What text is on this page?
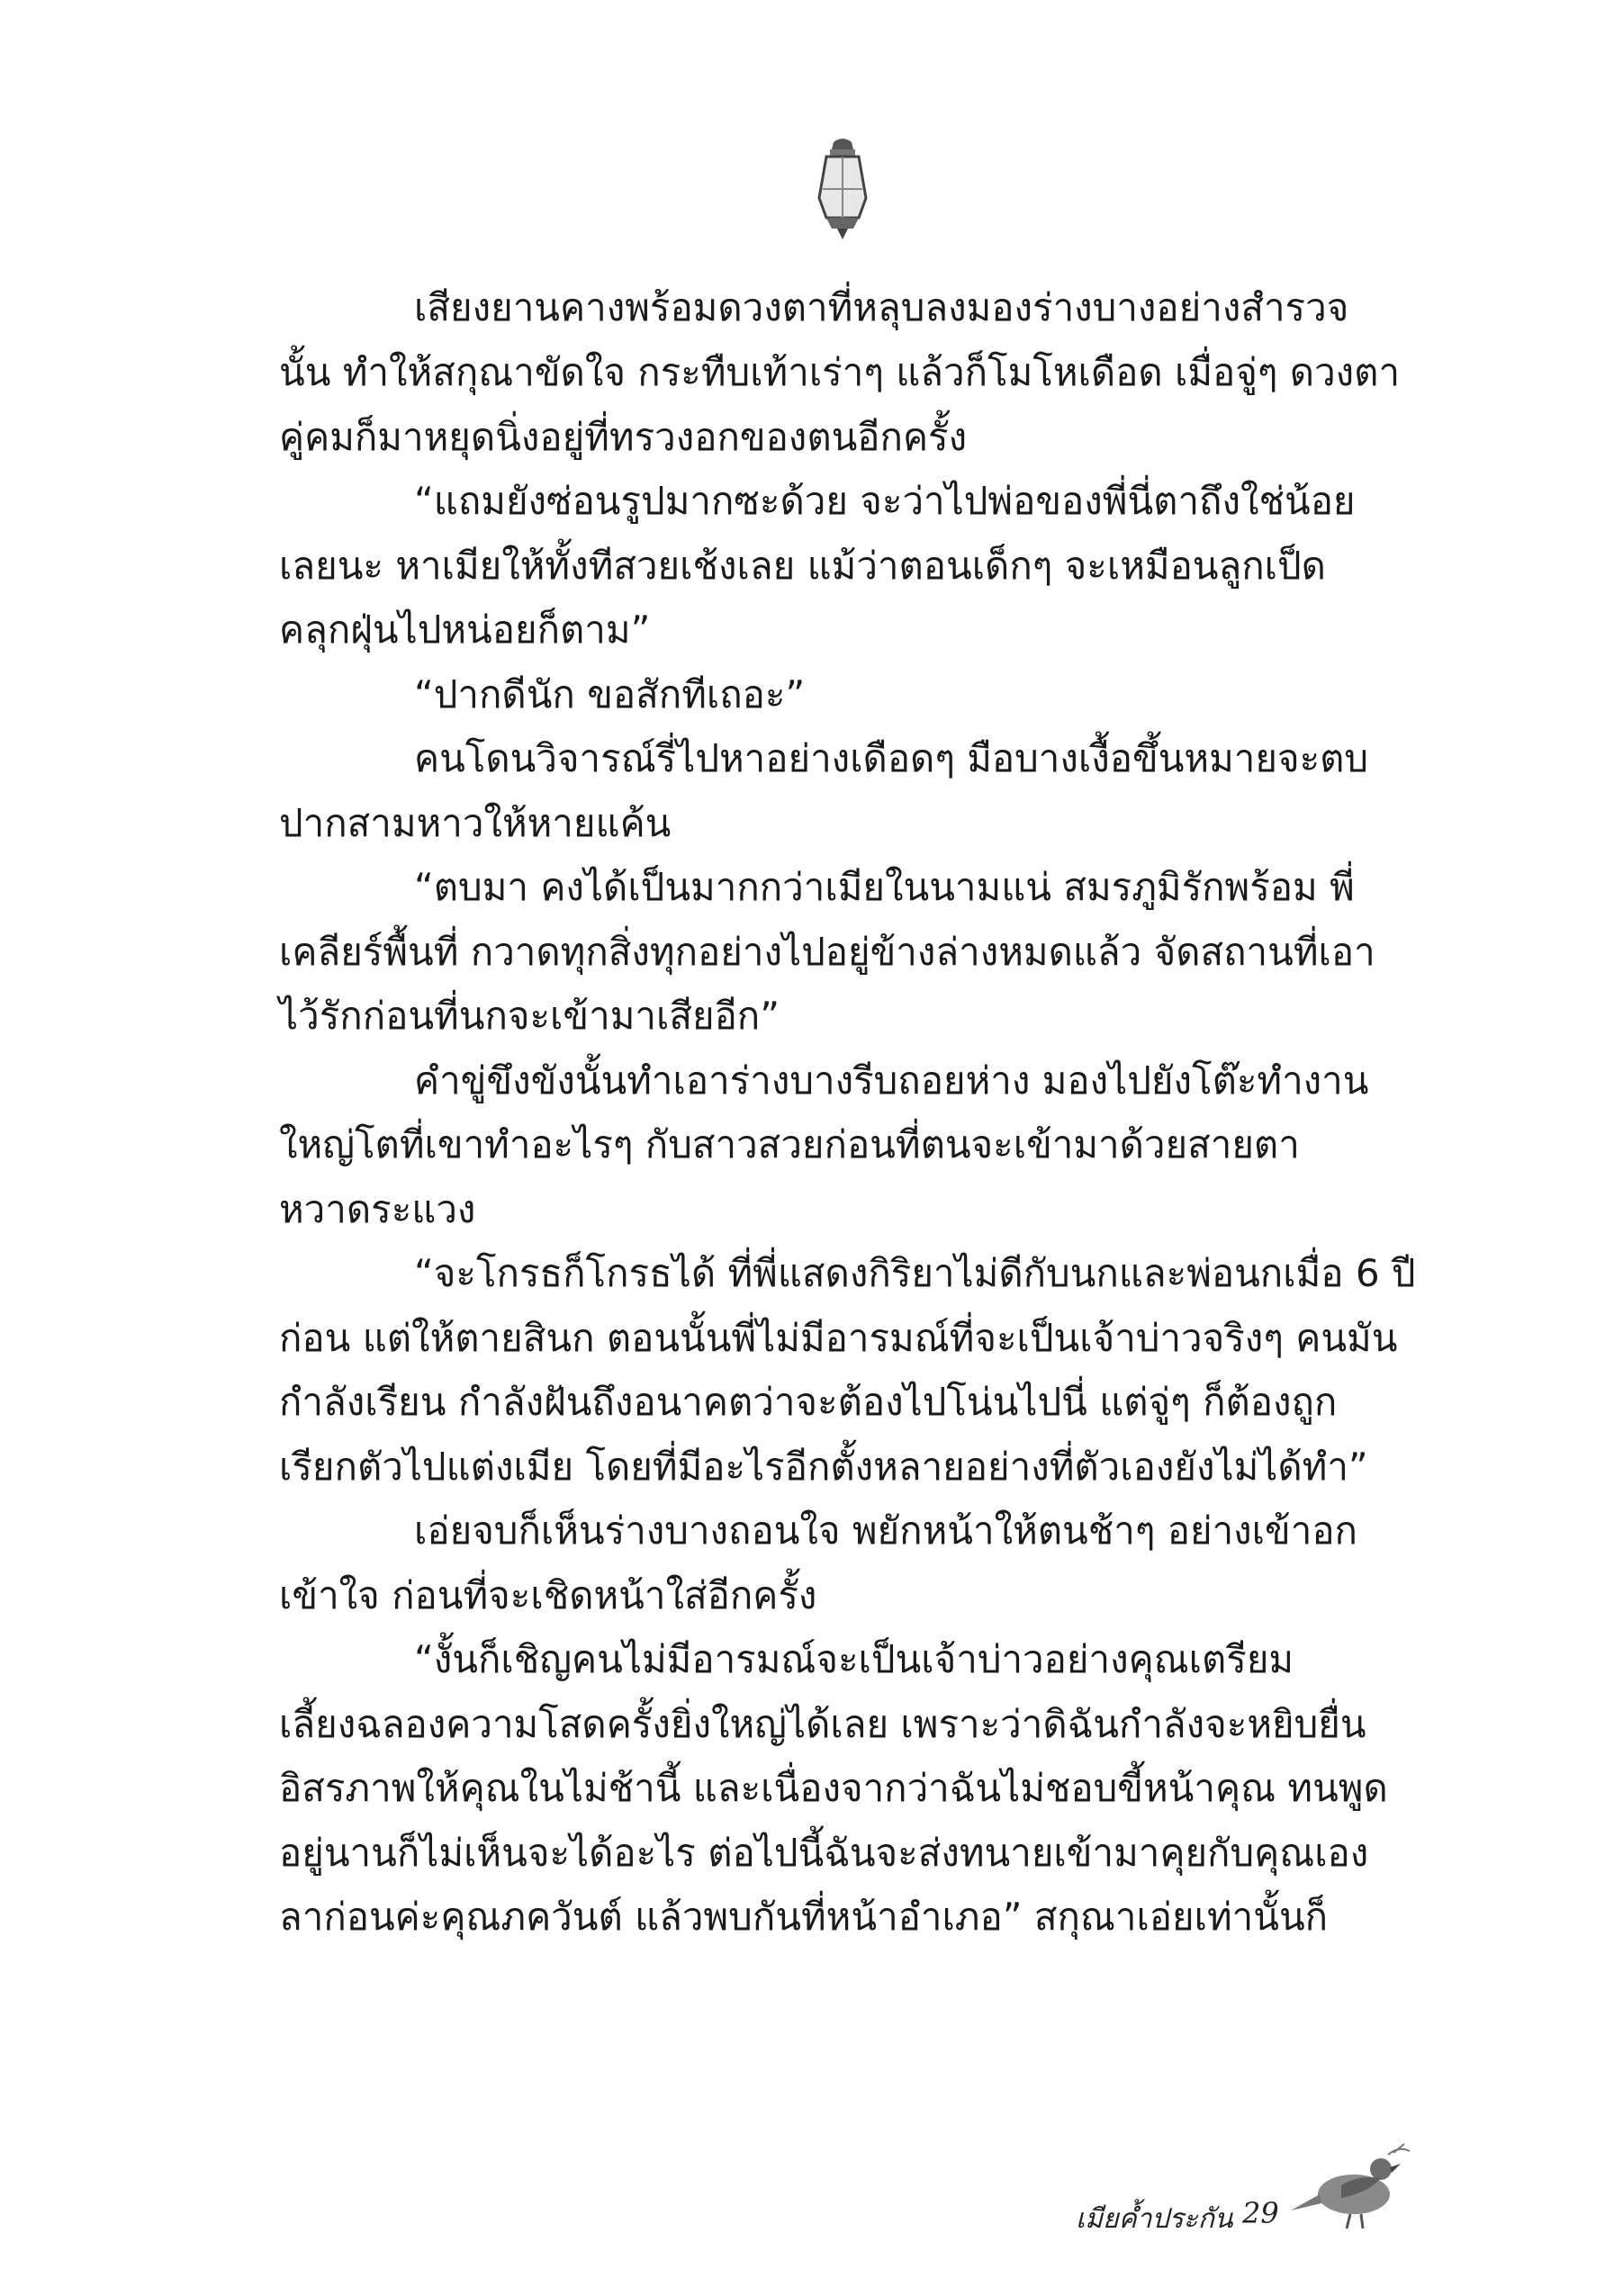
เสียงยานคางพร้อมดวงตาที่หลุบลงมองร่างบางอย่างสำรวจ
นั้น ทำให้สกุณาขัดใจ กระทืบเท้าเร่าๆ แล้วก็โมโหเดือด เมื่อจู่ๆ ดวงตา
คู่คมก็มาหยุดนิ่งอยู่ที่ทรวงอกของตนอีกครั้ง
“แถมยังซ่อนรูปมากซะด้วย จะว่าไปพ่อของพี่นี่ตาถึงใช่น้อย
เลยนะ หาเมียให้ทั้งทีสวยเช้งเลย แม้ว่าตอนเด็กๆ จะเหมือนลูกเป็ด
คลุกฝุ่นไปหน่อยก็ตาม”
“ปากดีนัก ขอสักทีเถอะ”
คนโดนวิจารณ์รี่ไปหาอย่างเดือดๆ มือบางเงื้อขึ้นหมายจะตบ
ปากสามหาวให้หายแค้น
“ตบมา คงได้เป็นมากกว่าเมียในนามแน่ สมรภูมิรักพร้อม พี่
เคลียร์พื้นที่ กวาดทุกสิ่งทุกอย่างไปอยู่ข้างล่างหมดแล้ว จัดสถานที่เอา
ไว้รักก่อนที่นกจะเข้ามาเสียอีก”
คำขู่ขึงขังนั้นทำเอาร่างบางรีบถอยห่าง มองไปยังโต๊ะทำงาน
ใหญ่โตที่เขาทำอะไรๆ กับสาวสวยก่อนที่ตนจะเข้ามาด้วยสายตา
หวาดระแวง
“จะโกรธก็โกรธได้ ที่พี่แสดงกิริยาไม่ดีกับนกและพ่อนกเมื่อ 6 ปี
ก่อน แต่ให้ตายสินก ตอนนั้นพี่ไม่มีอารมณ์ที่จะเป็นเจ้าบ่าวจริงๆ คนมัน
กำลังเรียน กำลังฝันถึงอนาคตว่าจะต้องไปโน่นไปนี่ แต่จู่ๆ ก็ต้องถูก
เรียกตัวไปแต่งเมีย โดยที่มีอะไรอีกตั้งหลายอย่างที่ตัวเองยังไม่ได้ทำ”
เอ่ยจบก็เห็นร่างบางถอนใจ พยักหน้าให้ตนช้าๆ อย่างเข้าอก
เข้าใจ ก่อนที่จะเชิดหน้าใส่อีกครั้ง
“งั้นก็เชิญคนไม่มีอารมณ์จะเป็นเจ้าบ่าวอย่างคุณเตรียม
เลี้ยงฉลองความโสดครั้งยิ่งใหญ่ได้เลย เพราะว่าดิฉันกำลังจะหยิบยื่น
อิสรภาพให้คุณในไม่ช้านี้ และเนื่องจากว่าฉันไม่ชอบขี้หน้าคุณ ทนพูด
อยู่นานก็ไม่เห็นจะได้อะไร ต่อไปนี้ฉันจะส่งทนายเข้ามาคุยกับคุณเอง
ลาก่อนค่ะคุณภควันต์ แล้วพบกันที่หน้าอำเภอ” สกุณาเอ่ยเท่านั้นก็
เมียค้ำประกัน 29
